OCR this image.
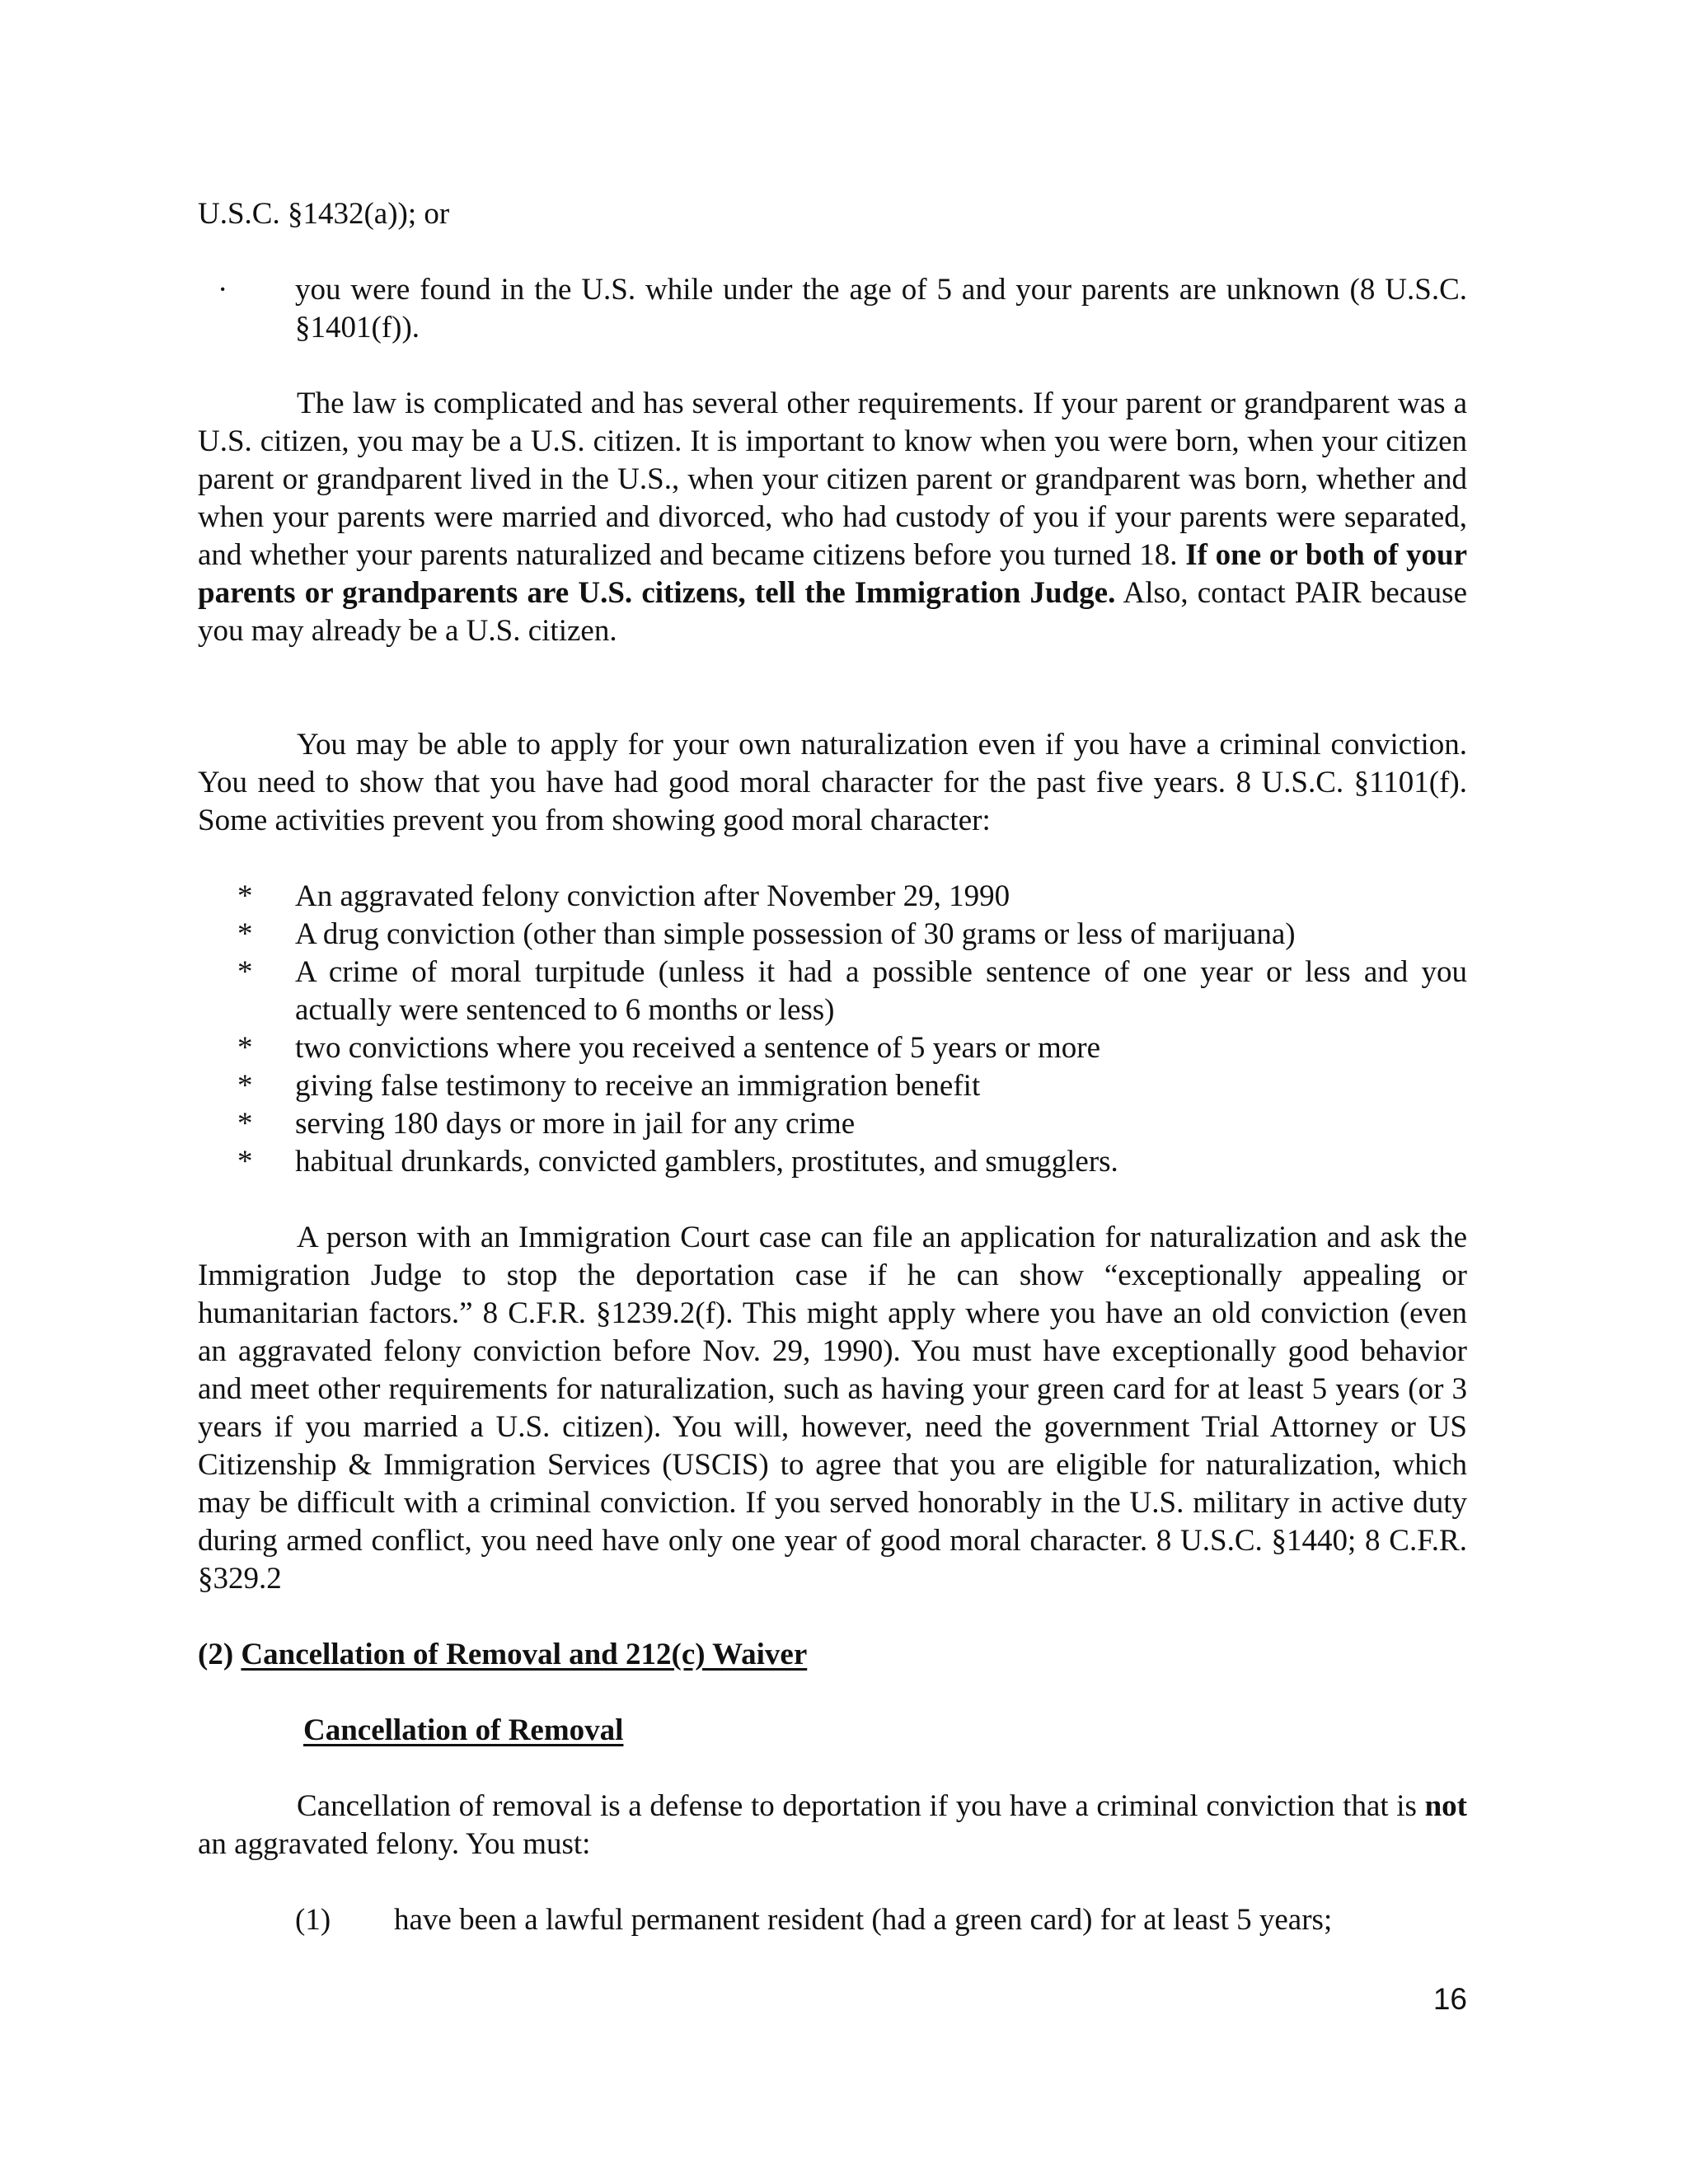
U.S.C. §1432(a)); or

· you were found in the U.S. while under the age of 5 and your parents are unknown (8 U.S.C. §1401(f)).

The law is complicated and has several other requirements. If your parent or grandparent was a U.S. citizen, you may be a U.S. citizen. It is important to know when you were born, when your citizen parent or grandparent lived in the U.S., when your citizen parent or grandparent was born, whether and when your parents were married and divorced, who had custody of you if your parents were separated, and whether your parents naturalized and became citizens before you turned 18. If one or both of your parents or grandparents are U.S. citizens, tell the Immigration Judge. Also, contact PAIR because you may already be a U.S. citizen.

You may be able to apply for your own naturalization even if you have a criminal conviction. You need to show that you have had good moral character for the past five years. 8 U.S.C. §1101(f). Some activities prevent you from showing good moral character:

* An aggravated felony conviction after November 29, 1990
* A drug conviction (other than simple possession of 30 grams or less of marijuana)
* A crime of moral turpitude (unless it had a possible sentence of one year or less and you actually were sentenced to 6 months or less)
* two convictions where you received a sentence of 5 years or more
* giving false testimony to receive an immigration benefit
* serving 180 days or more in jail for any crime
* habitual drunkards, convicted gamblers, prostitutes, and smugglers.

A person with an Immigration Court case can file an application for naturalization and ask the Immigration Judge to stop the deportation case if he can show “exceptionally appealing or humanitarian factors.” 8 C.F.R. §1239.2(f). This might apply where you have an old conviction (even an aggravated felony conviction before Nov. 29, 1990). You must have exceptionally good behavior and meet other requirements for naturalization, such as having your green card for at least 5 years (or 3 years if you married a U.S. citizen). You will, however, need the government Trial Attorney or US Citizenship & Immigration Services (USCIS) to agree that you are eligible for naturalization, which may be difficult with a criminal conviction. If you served honorably in the U.S. military in active duty during armed conflict, you need have only one year of good moral character. 8 U.S.C. §1440; 8 C.F.R. §329.2

(2) Cancellation of Removal and 212(c) Waiver

Cancellation of Removal

Cancellation of removal is a defense to deportation if you have a criminal conviction that is not an aggravated felony. You must:

(1) have been a lawful permanent resident (had a green card) for at least 5 years;
16
